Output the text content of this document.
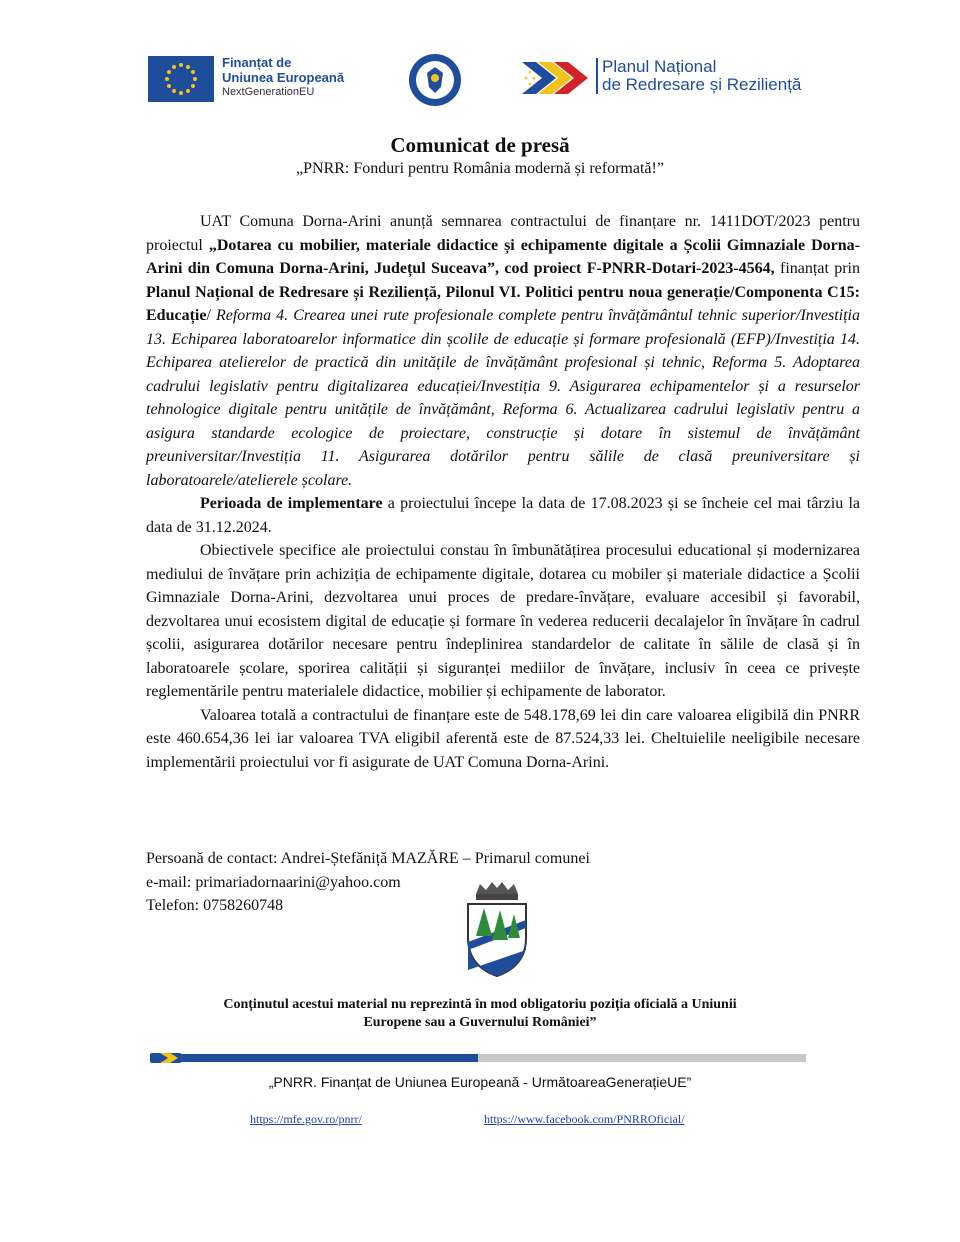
Finanțat de
Uniunea Europeană
NextGenerationEU
Planul Național
de Redresare și Reziliență
Comunicat de presă
„PNRR: Fonduri pentru România modernă și reformată!”

UAT Comuna Dorna-Arini anunță semnarea contractului de finanțare nr. 1411DOT/2023 pentru proiectul „Dotarea cu mobilier, materiale didactice și echipamente digitale a Școlii Gimnaziale Dorna-Arini din Comuna Dorna-Arini, Județul Suceava”, cod proiect F-PNRR-Dotari-2023-4564, finanțat prin Planul Național de Redresare și Reziliență, Pilonul VI. Politici pentru noua generație/Componenta C15: Educație/ Reforma 4. Crearea unei rute profesionale complete pentru învățământul tehnic superior/Investiția 13. Echiparea laboratoarelor informatice din școlile de educație și formare profesională (EFP)/Investiția 14. Echiparea atelierelor de practică din unitățile de învățământ profesional și tehnic, Reforma 5. Adoptarea cadrului legislativ pentru digitalizarea educației/Investiția 9. Asigurarea echipamentelor și a resurselor tehnologice digitale pentru unitățile de învățământ, Reforma 6. Actualizarea cadrului legislativ pentru a asigura standarde ecologice de proiectare, construcție și dotare în sistemul de învățământ preuniversitar/Investiția 11. Asigurarea dotărilor pentru sălile de clasă preuniversitare și laboratoarele/atelierele școlare.

Perioada de implementare a proiectului începe la data de 17.08.2023 și se încheie cel mai târziu la data de 31.12.2024.

Obiectivele specifice ale proiectului constau în îmbunătățirea procesului educational și modernizarea mediului de învățare prin achiziția de echipamente digitale, dotarea cu mobiler și materiale didactice a Școlii Gimnaziale Dorna-Arini, dezvoltarea unui proces de predare-învățare, evaluare accesibil și favorabil, dezvoltarea unui ecosistem digital de educație și formare în vederea reducerii decalajelor în învățare în cadrul școlii, asigurarea dotărilor necesare pentru îndeplinirea standardelor de calitate în sălile de clasă și în laboratoarele școlare, sporirea calității și siguranței mediilor de învățare, inclusiv în ceea ce privește reglementările pentru materialele didactice, mobilier și echipamente de laborator.

Valoarea totală a contractului de finanțare este de 548.178,69 lei din care valoarea eligibilă din PNRR este 460.654,36 lei iar valoarea TVA eligibil aferentă este de 87.524,33 lei. Cheltuielile neeligibile necesare implementării proiectului vor fi asigurate de UAT Comuna Dorna-Arini.

Persoană de contact: Andrei-Ștefăniță MAZĂRE – Primarul comunei
e-mail: primariadornaarini@yahoo.com
Telefon: 0758260748
Conținutul acestui material nu reprezintă în mod obligatoriu poziția oficială a Uniunii
Europene sau a Guvernului României”
„PNRR. Finanțat de Uniunea Europeană - UrmătoareaGenerațieUE”
https://mfe.gov.ro/pnrr/	https://www.facebook.com/PNRROficial/
